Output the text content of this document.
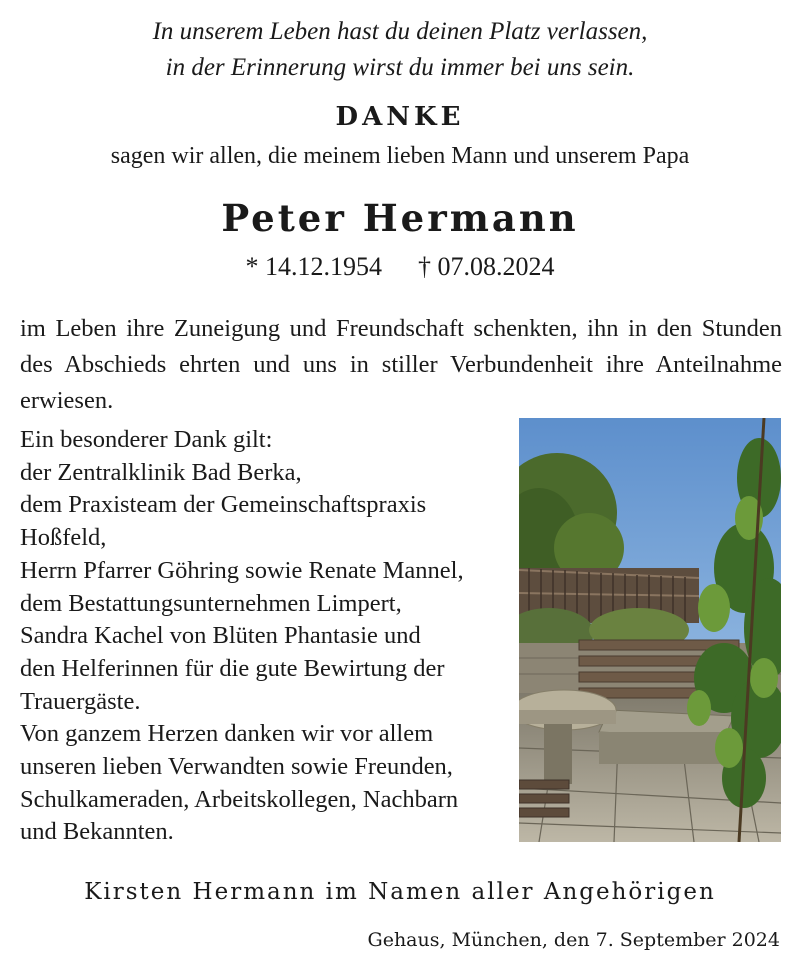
In unserem Leben hast du deinen Platz verlassen,
in der Erinnerung wirst du immer bei uns sein.
DANKE
sagen wir allen, die meinem lieben Mann und unserem Papa
Peter Hermann
* 14.12.1954 † 07.08.2024
im Leben ihre Zuneigung und Freundschaft schenkten, ihn in den Stunden des Abschieds ehrten und uns in stiller Verbundenheit ihre Anteilnahme erwiesen.
Ein besonderer Dank gilt:
der Zentralklinik Bad Berka,
dem Praxisteam der Gemeinschaftspraxis
Hoßfeld,
Herrn Pfarrer Göhring sowie Renate Mannel,
dem Bestattungsunternehmen Limpert,
Sandra Kachel von Blüten Phantasie und
den Helferinnen für die gute Bewirtung der
Trauergäste.
Von ganzem Herzen danken wir vor allem
unseren lieben Verwandten sowie Freunden,
Schulkameraden, Arbeitskollegen, Nachbarn
und Bekannten.
Kirsten Hermann im Namen aller Angehörigen
Gehaus, München, den 7. September 2024
